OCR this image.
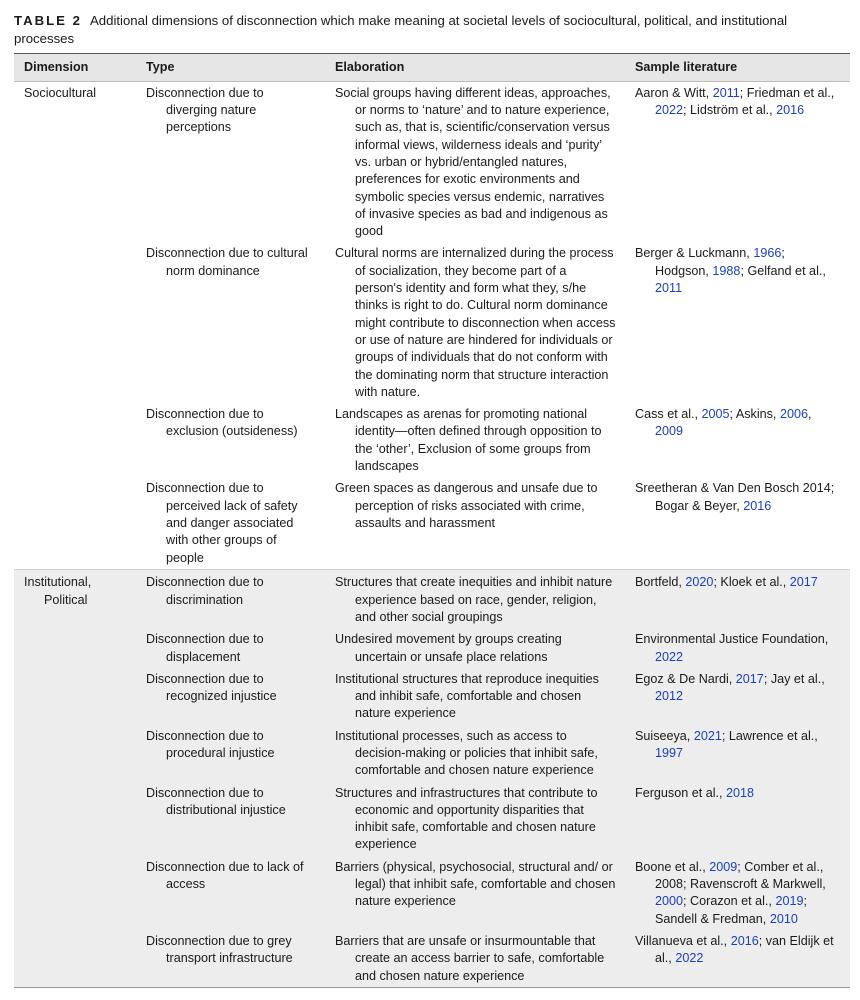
TABLE 2 Additional dimensions of disconnection which make meaning at societal levels of sociocultural, political, and institutional processes

Dimension	Type	Elaboration	Sample literature

Sociocultural	Disconnection due to diverging nature perceptions	Social groups having different ideas, approaches, or norms to ‘nature’ and to nature experience, such as, that is, scientific/conservation versus informal views, wilderness ideals and ‘purity’ vs. urban or hybrid/entangled natures, preferences for exotic environments and symbolic species versus endemic, narratives of invasive species as bad and indigenous as good	Aaron & Witt, 2011; Friedman et al., 2022; Lidström et al., 2016

	Disconnection due to cultural norm dominance	Cultural norms are internalized during the process of socialization, they become part of a person's identity and form what they, s/he thinks is right to do. Cultural norm dominance might contribute to disconnection when access or use of nature are hindered for individuals or groups of individuals that do not conform with the dominating norm that structure interaction with nature.	Berger & Luckmann, 1966; Hodgson, 1988; Gelfand et al., 2011

	Disconnection due to exclusion (outsideness)	Landscapes as arenas for promoting national identity—often defined through opposition to the ‘other’, Exclusion of some groups from landscapes	Cass et al., 2005; Askins, 2006, 2009

	Disconnection due to perceived lack of safety and danger associated with other groups of people	Green spaces as dangerous and unsafe due to perception of risks associated with crime, assaults and harassment	Sreetheran & Van Den Bosch 2014; Bogar & Beyer, 2016

Institutional, Political	Disconnection due to discrimination	Structures that create inequities and inhibit nature experience based on race, gender, religion, and other social groupings	Bortfeld, 2020; Kloek et al., 2017

	Disconnection due to displacement	Undesired movement by groups creating uncertain or unsafe place relations	Environmental Justice Foundation, 2022

	Disconnection due to recognized injustice	Institutional structures that reproduce inequities and inhibit safe, comfortable and chosen nature experience	Egoz & De Nardi, 2017; Jay et al., 2012

	Disconnection due to procedural injustice	Institutional processes, such as access to decision-making or policies that inhibit safe, comfortable and chosen nature experience	Suiseeya, 2021; Lawrence et al., 1997

	Disconnection due to distributional injustice	Structures and infrastructures that contribute to economic and opportunity disparities that inhibit safe, comfortable and chosen nature experience	Ferguson et al., 2018

	Disconnection due to lack of access	Barriers (physical, psychosocial, structural and/ or legal) that inhibit safe, comfortable and chosen nature experience	Boone et al., 2009; Comber et al., 2008; Ravenscroft & Markwell, 2000; Corazon et al., 2019; Sandell & Fredman, 2010

	Disconnection due to grey transport infrastructure	Barriers that are unsafe or insurmountable that create an access barrier to safe, comfortable and chosen nature experience	Villanueva et al., 2016; van Eldijk et al., 2022
